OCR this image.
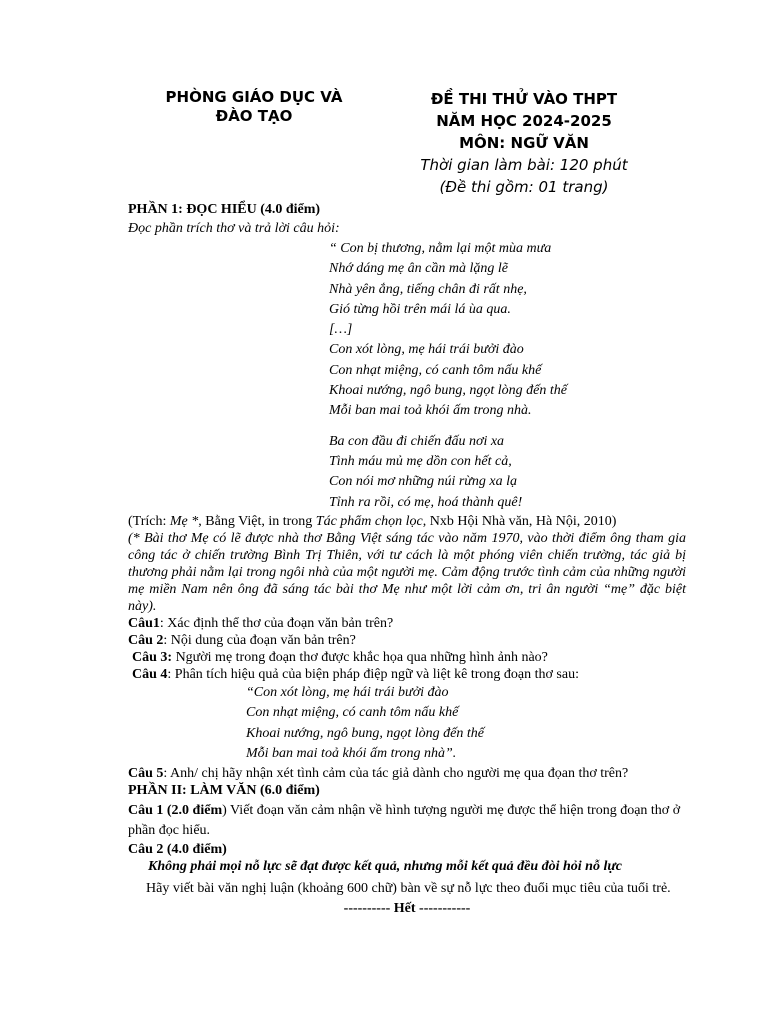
PHÒNG GIÁO DỤC VÀ
ĐÀO TẠO
ĐỀ THI THỬ VÀO THPT
NĂM HỌC 2024-2025
MÔN: NGỮ VĂN
Thời gian làm bài: 120 phút
(Đề thi gồm: 01 trang)
PHẦN 1: ĐỌC HIỂU (4.0 điểm)
Đọc phần trích thơ và trả lời câu hỏi:
“ Con bị thương, nằm lại một mùa mưa
Nhớ dáng mẹ ân cần mà lặng lẽ
Nhà yên ắng, tiếng chân đi rất nhẹ,
Gió từng hồi trên mái lá ùa qua.
[…]
Con xót lòng, mẹ hái trái bưởi đào
Con nhạt miệng, có canh tôm nấu khế
Khoai nướng, ngô bung, ngọt lòng đến thế
Mỗi ban mai toả khói ấm trong nhà.
Ba con đầu đi chiến đấu nơi xa
Tình máu mủ mẹ dồn con hết cả,
Con nói mơ những núi rừng xa lạ
Tỉnh ra rồi, có mẹ, hoá thành quê!
(Trích: Mẹ *, Bằng Việt, in trong Tác phẩm chọn lọc, Nxb Hội Nhà văn, Hà Nội, 2010)
(* Bài thơ Mẹ có lẽ được nhà thơ Bằng Việt sáng tác vào năm 1970, vào thời điểm ông tham gia công tác ở chiến trường Bình Trị Thiên, với tư cách là một phóng viên chiến trường, tác giả bị thương phải nằm lại trong ngôi nhà của một người mẹ. Cảm động trước tình cảm của những người mẹ miền Nam nên ông đã sáng tác bài thơ Mẹ như một lời cảm ơn, tri ân người “mẹ” đặc biệt này).
Câu1: Xác định thể thơ của đoạn văn bản trên?
Câu 2: Nội dung của đoạn văn bản trên?
Câu 3: Người mẹ trong đoạn thơ được khắc họa qua những hình ảnh nào?
Câu 4: Phân tích hiệu quả của biện pháp điệp ngữ và liệt kê trong đoạn thơ sau:
“Con xót lòng, mẹ hái trái bưởi đào
Con nhạt miệng, có canh tôm nấu khế
Khoai nướng, ngô bung, ngọt lòng đến thế
Mỗi ban mai toả khói ấm trong nhà”.
Câu 5: Anh/ chị hãy nhận xét tình cảm của tác giả dành cho người mẹ qua đọan thơ trên?
PHẦN II: LÀM VĂN (6.0 điểm)
Câu 1 (2.0 điểm) Viết đoạn văn cảm nhận về hình tượng người mẹ được thể hiện trong đoạn thơ ở phần đọc hiểu.
Câu 2 (4.0 điểm)
Không phải mọi nỗ lực sẽ đạt được kết quả, nhưng mỗi kết quả đều đòi hỏi nỗ lực
Hãy viết bài văn nghị luận (khoảng 600 chữ) bàn về sự nỗ lực theo đuổi mục tiêu của tuổi trẻ.
---------- Hết -----------
